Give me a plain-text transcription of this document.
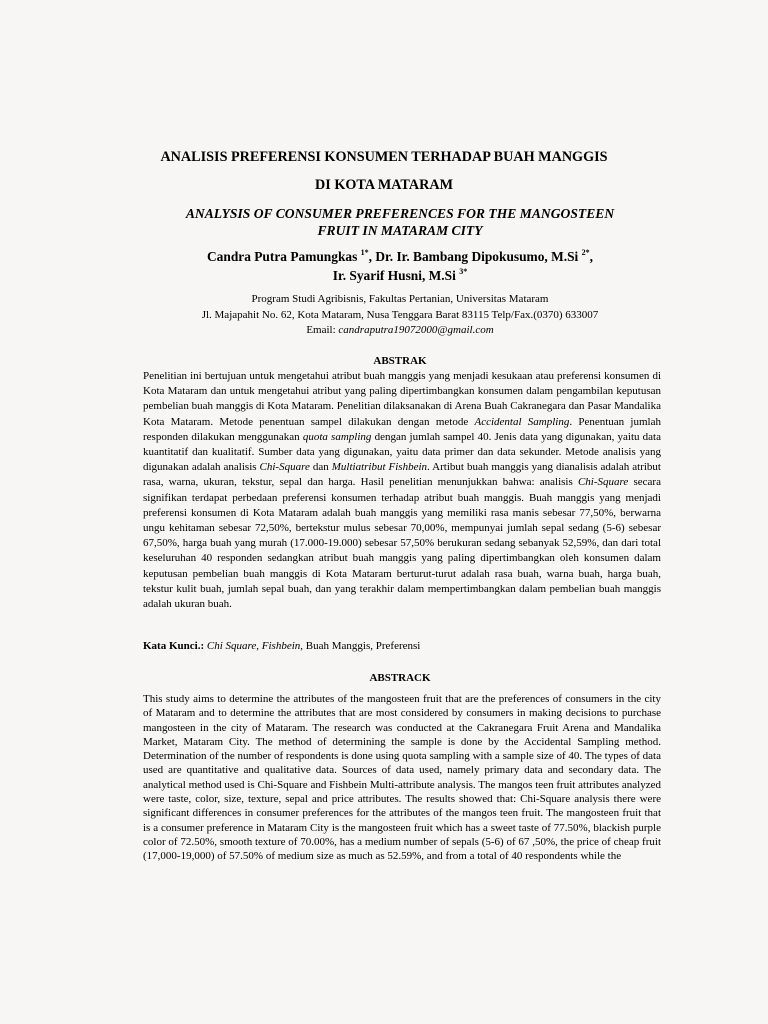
ANALISIS PREFERENSI KONSUMEN TERHADAP BUAH MANGGIS
DI KOTA MATARAM
ANALYSIS OF CONSUMER PREFERENCES FOR THE MANGOSTEEN
FRUIT IN MATARAM CITY
Candra Putra Pamungkas $^{1*}$, Dr. Ir. Bambang Dipokusumo, M.Si $^{2*}$,
Ir. Syarif Husni, M.Si $^{3*}$
Program Studi Agribisnis, Fakultas Pertanian, Universitas Mataram
Jl. Majapahit No. 62, Kota Mataram, Nusa Tenggara Barat 83115 Telp/Fax.(0370) 633007
Email: candraputra19072000@gmail.com
ABSTRAK

Penelitian ini bertujuan untuk mengetahui atribut buah manggis yang menjadi kesukaan atau preferensi konsumen di Kota Mataram dan untuk mengetahui atribut yang paling dipertimbangkan konsumen dalam pengambilan keputusan pembelian buah manggis di Kota Mataram. Penelitian dilaksanakan di Arena Buah Cakranegara dan Pasar Mandalika Kota Mataram. Metode penentuan sampel dilakukan dengan metode Accidental Sampling. Penentuan jumlah responden dilakukan menggunakan quota sampling dengan jumlah sampel 40. Jenis data yang digunakan, yaitu data kuantitatif dan kualitatif. Sumber data yang digunakan, yaitu data primer dan data sekunder. Metode analisis yang digunakan adalah analisis Chi-Square dan Multiatribut Fishbein. Artibut buah manggis yang dianalisis adalah atribut rasa, warna, ukuran, tekstur, sepal dan harga. Hasil penelitian menunjukkan bahwa: analisis Chi-Square secara signifikan terdapat perbedaan preferensi konsumen terhadap atribut buah manggis. Buah manggis yang menjadi preferensi konsumen di Kota Mataram adalah buah manggis yang memiliki rasa manis sebesar 77,50%, berwarna ungu kehitaman sebesar 72,50%, bertekstur mulus sebesar 70,00%, mempunyai jumlah sepal sedang (5-6) sebesar 67,50%, harga buah yang murah (17.000-19.000) sebesar 57,50% berukuran sedang sebanyak 52,59%, dan dari total keseluruhan 40 responden sedangkan atribut buah manggis yang paling dipertimbangkan oleh konsumen dalam keputusan pembelian buah manggis di Kota Mataram berturut-turut adalah rasa buah, warna buah, harga buah, tekstur kulit buah, jumlah sepal buah, dan yang terakhir dalam mempertimbangkan dalam pembelian buah manggis adalah ukuran buah.

Kata Kunci.: Chi Square, Fishbein, Buah Manggis, Preferensi
ABSTRACK

This study aims to determine the attributes of the mangosteen fruit that are the preferences of consumers in the city of Mataram and to determine the attributes that are most considered by consumers in making decisions to purchase mangosteen in the city of Mataram. The research was conducted at the Cakranegara Fruit Arena and Mandalika Market, Mataram City. The method of determining the sample is done by the Accidental Sampling method. Determination of the number of respondents is done using quota sampling with a sample size of 40. The types of data used are quantitative and qualitative data. Sources of data used, namely primary data and secondary data. The analytical method used is Chi-Square and Fishbein Multi-attribute analysis. The mangos teen fruit attributes analyzed were taste, color, size, texture, sepal and price attributes. The results showed that: Chi-Square analysis there were significant differences in consumer preferences for the attributes of the mangos teen fruit. The mangosteen fruit that is a consumer preference in Mataram City is the mangosteen fruit which has a sweet taste of 77.50%, blackish purple color of 72.50%, smooth texture of 70.00%, has a medium number of sepals (5-6) of 67 ,50%, the price of cheap fruit (17,000-19,000) of 57.50% of medium size as much as 52.59%, and from a total of 40 respondents while the
